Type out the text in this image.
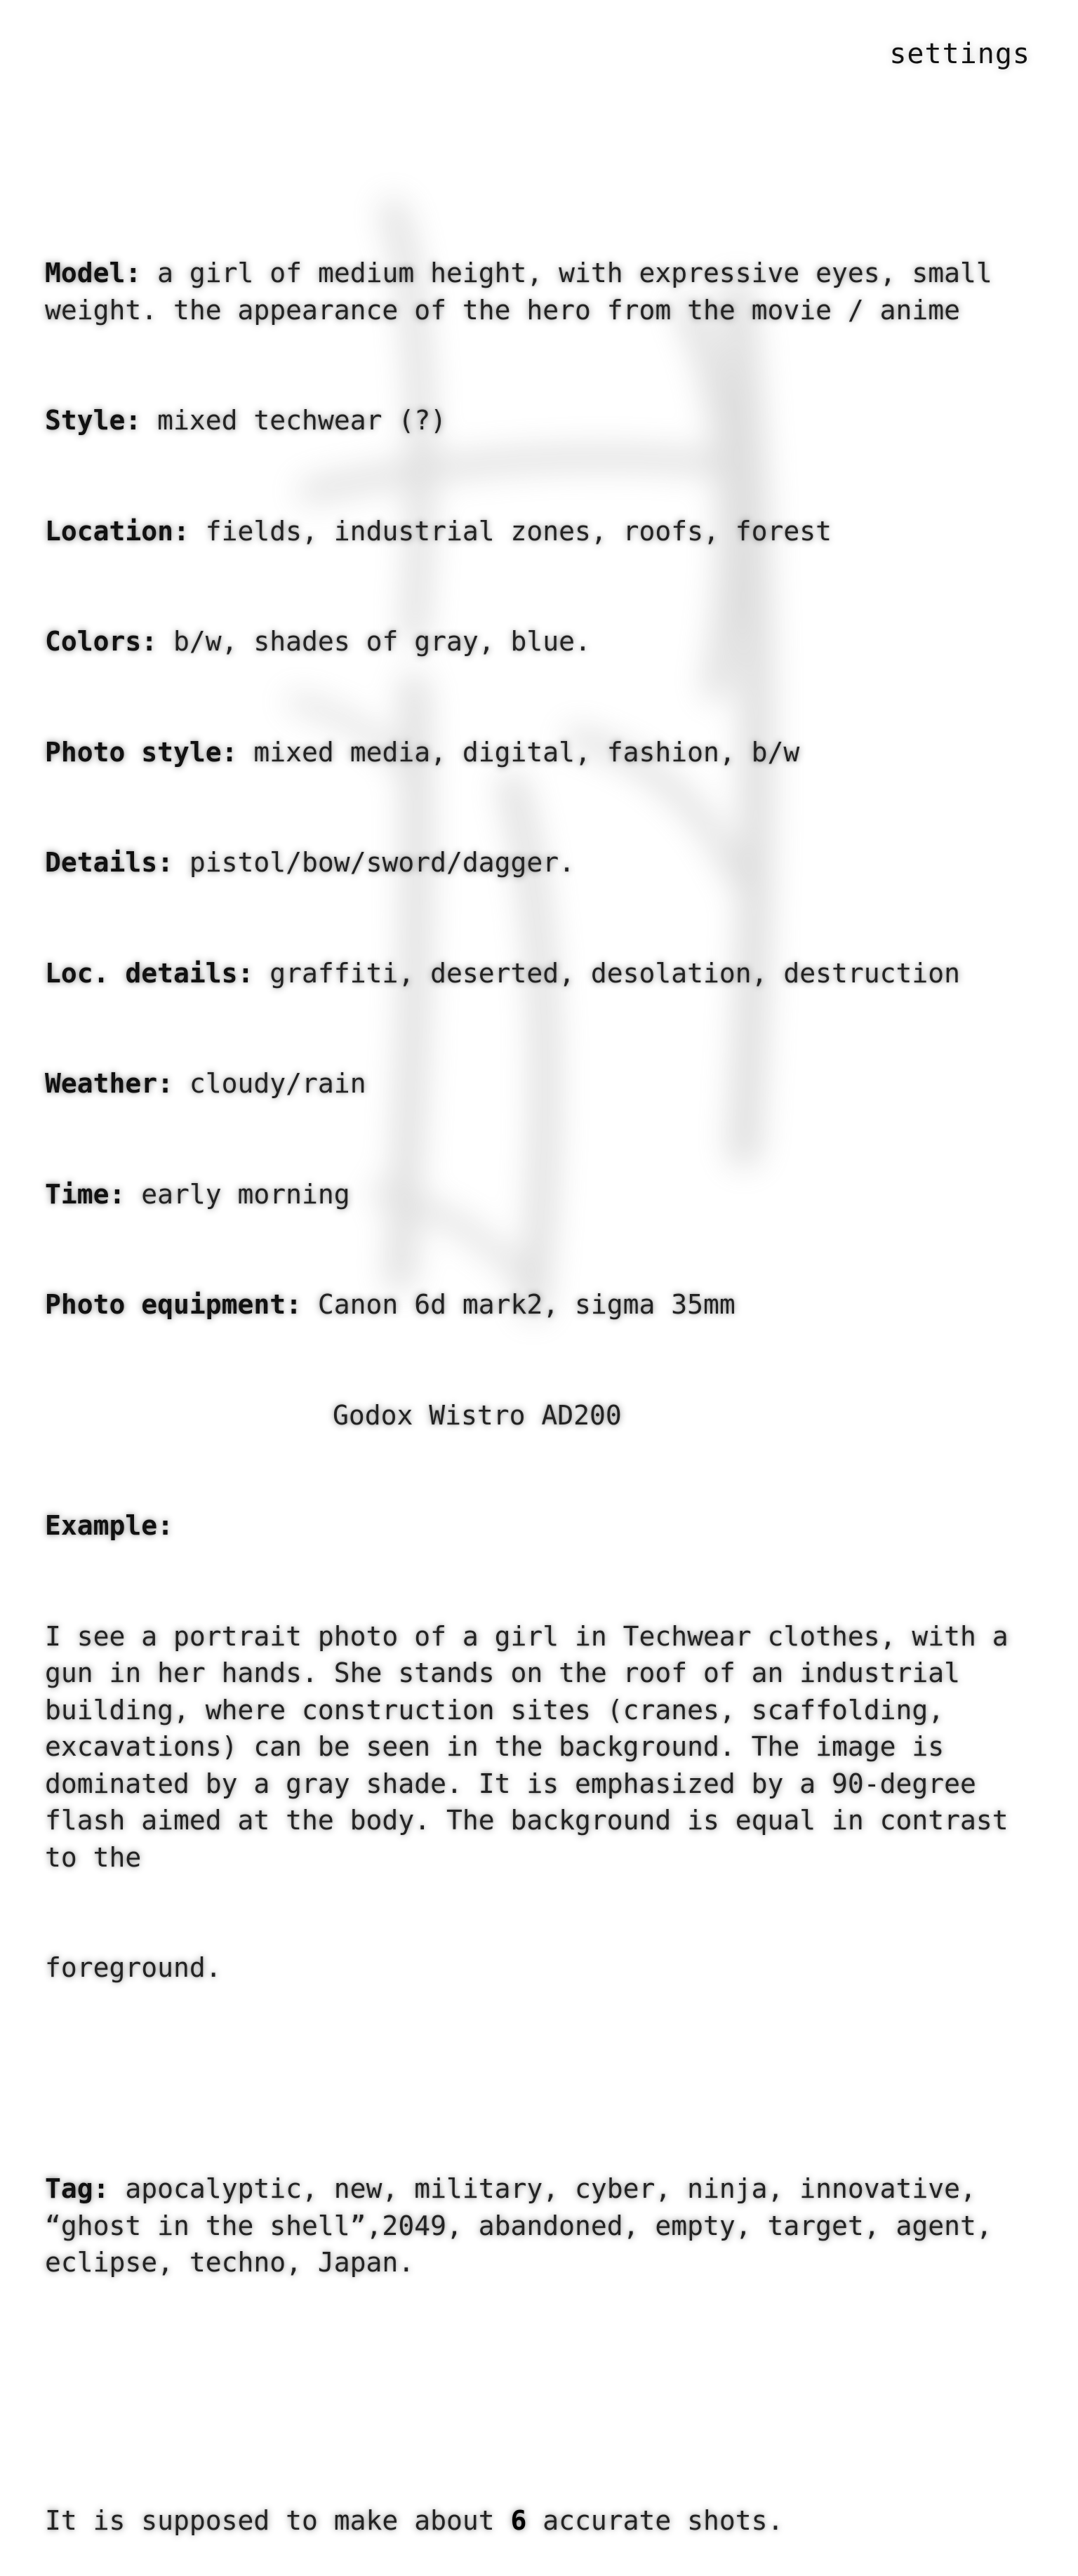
settings

Model: a girl of medium height, with expressive eyes, small weight. the appearance of the hero from the movie / anime

Style: mixed techwear (?)

Location: fields, industrial zones, roofs, forest

Colors: b/w, shades of gray, blue.

Photo style: mixed media, digital, fashion, b/w

Details: pistol/bow/sword/dagger.

Loc. details: graffiti, deserted, desolation, destruction

Weather: cloudy/rain

Time: early morning

Photo equipment: Canon 6d mark2, sigma 35mm

Godox Wistro AD200

Example:

I see a portrait photo of a girl in Techwear clothes, with a gun in her hands. She stands on the roof of an industrial building, where construction sites (cranes, scaffolding, excavations) can be seen in the background. The image is dominated by a gray shade. It is emphasized by a 90-degree flash aimed at the body. The background is equal in contrast to the

foreground.

Tag: apocalyptic, new, military, cyber, ninja, innovative, “ghost in the shell”,2049, abandoned, empty, target, agent, eclipse, techno, Japan.

It is supposed to make about 6 accurate shots.
